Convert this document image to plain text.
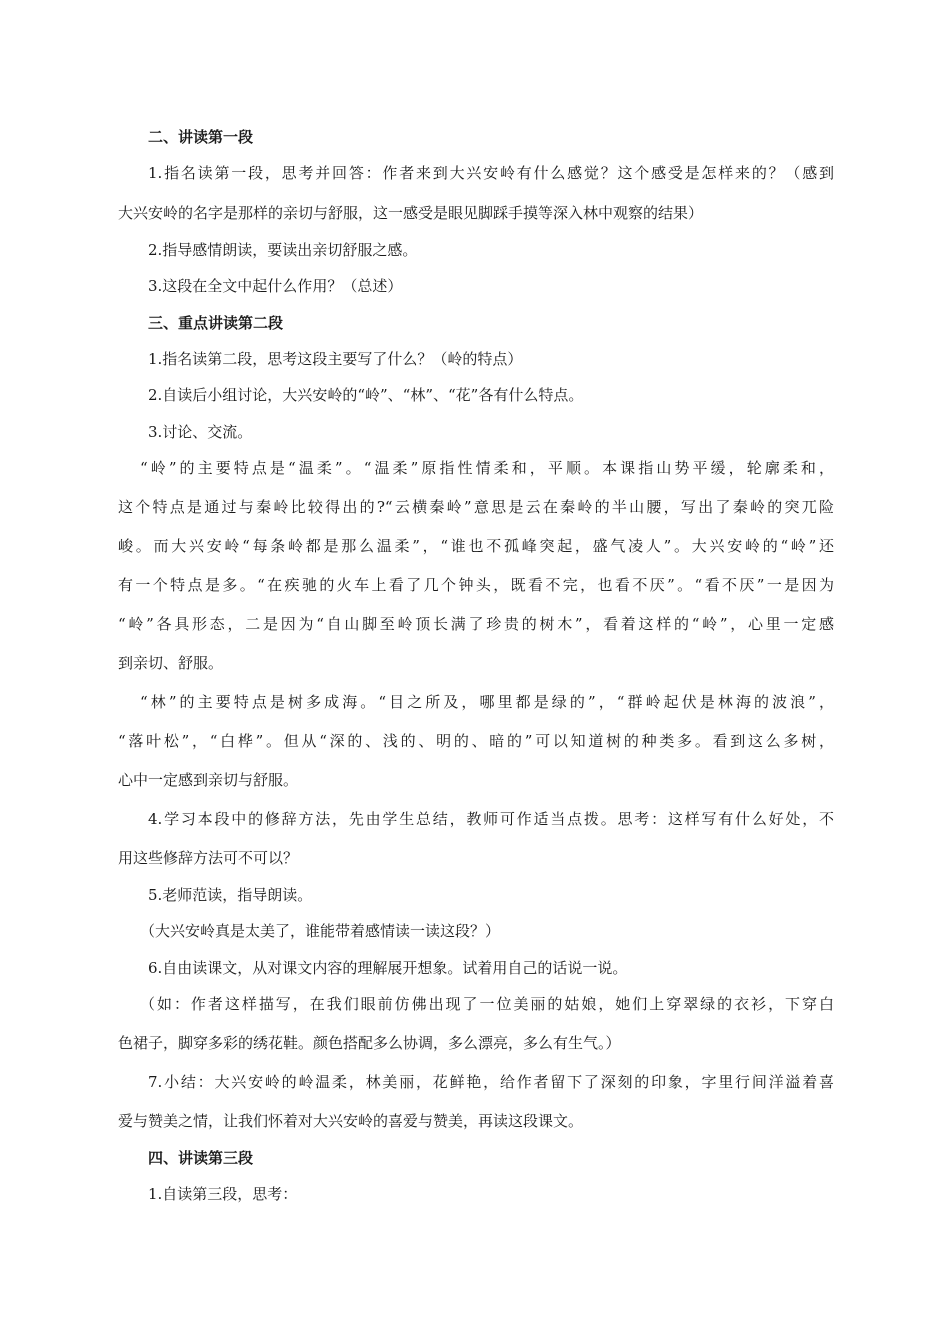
二、讲读第一段
1.指名读第一段，思考并回答：作者来到大兴安岭有什么感觉？这个感受是怎样来的？（感到
大兴安岭的名字是那样的亲切与舒服，这一感受是眼见脚踩手摸等深入林中观察的结果）
2.指导感情朗读，要读出亲切舒服之感。
3.这段在全文中起什么作用？（总述）
三、重点讲读第二段
1.指名读第二段，思考这段主要写了什么？（岭的特点）
2.自读后小组讨论，大兴安岭的“岭”、“林”、“花”各有什么特点。
3.讨论、交流。
“岭”的主要特点是“温柔”。“温柔”原指性情柔和，平顺。本课指山势平缓，轮廓柔和，
这个特点是通过与秦岭比较得出的?“云横秦岭”意思是云在秦岭的半山腰，写出了秦岭的突兀险
峻。而大兴安岭“每条岭都是那么温柔”，“谁也不孤峰突起，盛气凌人”。大兴安岭的“岭”还
有一个特点是多。“在疾驰的火车上看了几个钟头，既看不完，也看不厌”。“看不厌”一是因为
“岭”各具形态，二是因为“自山脚至岭顶长满了珍贵的树木”，看着这样的“岭”，心里一定感
到亲切、舒服。
“林”的主要特点是树多成海。“目之所及，哪里都是绿的”，“群岭起伏是林海的波浪”，
“落叶松”，“白桦”。但从“深的、浅的、明的、暗的”可以知道树的种类多。看到这么多树，
心中一定感到亲切与舒服。
4.学习本段中的修辞方法，先由学生总结，教师可作适当点拨。思考：这样写有什么好处，不
用这些修辞方法可不可以？
5.老师范读，指导朗读。
（大兴安岭真是太美了，谁能带着感情读一读这段？）
6.自由读课文，从对课文内容的理解展开想象。试着用自己的话说一说。
（如：作者这样描写，在我们眼前仿佛出现了一位美丽的姑娘，她们上穿翠绿的衣衫，下穿白
色裙子，脚穿多彩的绣花鞋。颜色搭配多么协调，多么漂亮，多么有生气。）
7.小结：大兴安岭的岭温柔，林美丽，花鲜艳，给作者留下了深刻的印象，字里行间洋溢着喜
爱与赞美之情，让我们怀着对大兴安岭的喜爱与赞美，再读这段课文。
四、讲读第三段
1.自读第三段，思考：
